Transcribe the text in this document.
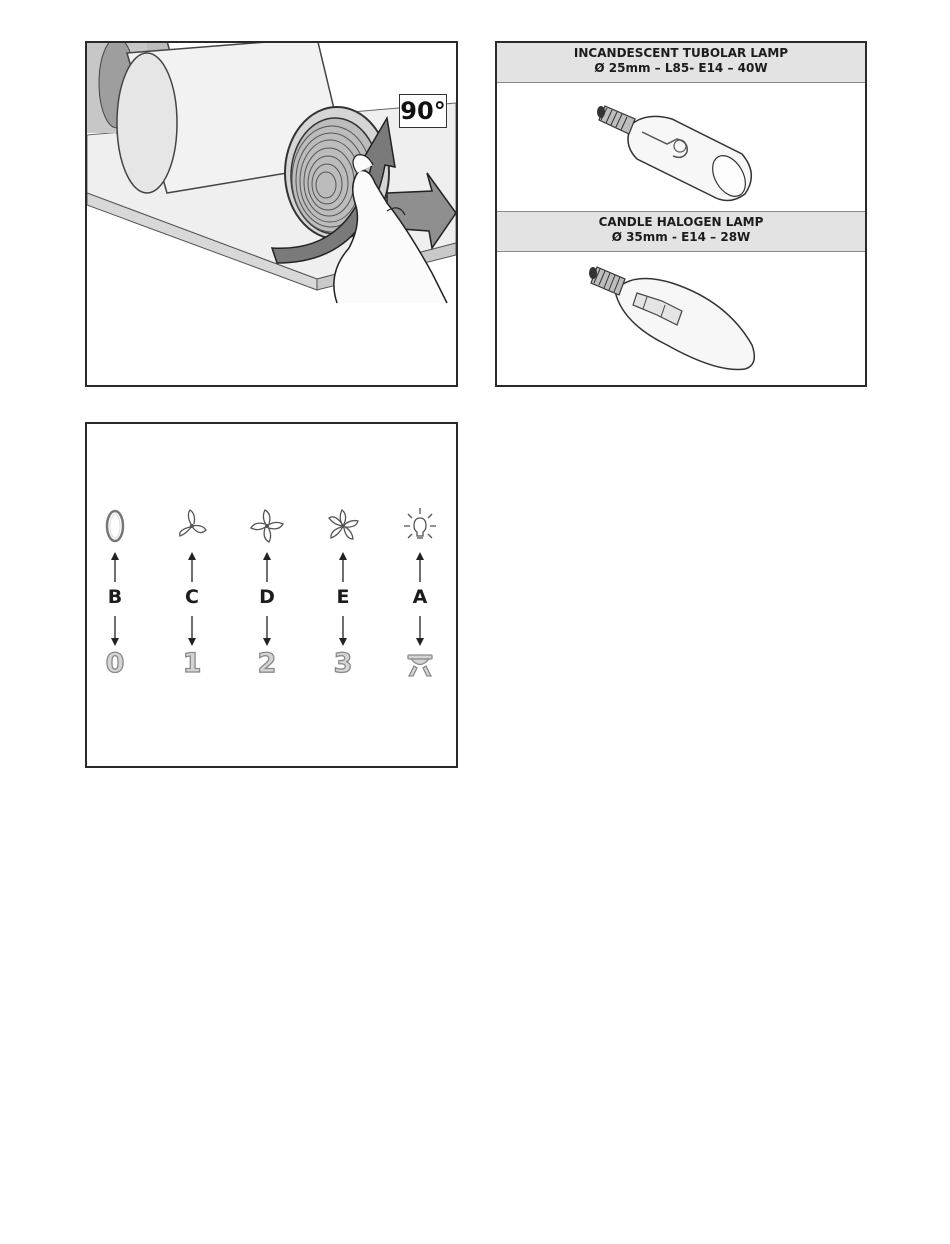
90°
INCANDESCENT TUBOLAR LAMP
Ø 25mm – L85- E14 – 40W
CANDLE HALOGEN LAMP
Ø 35mm - E14 – 28W
B
0
C
1
D
2
E
3
A
